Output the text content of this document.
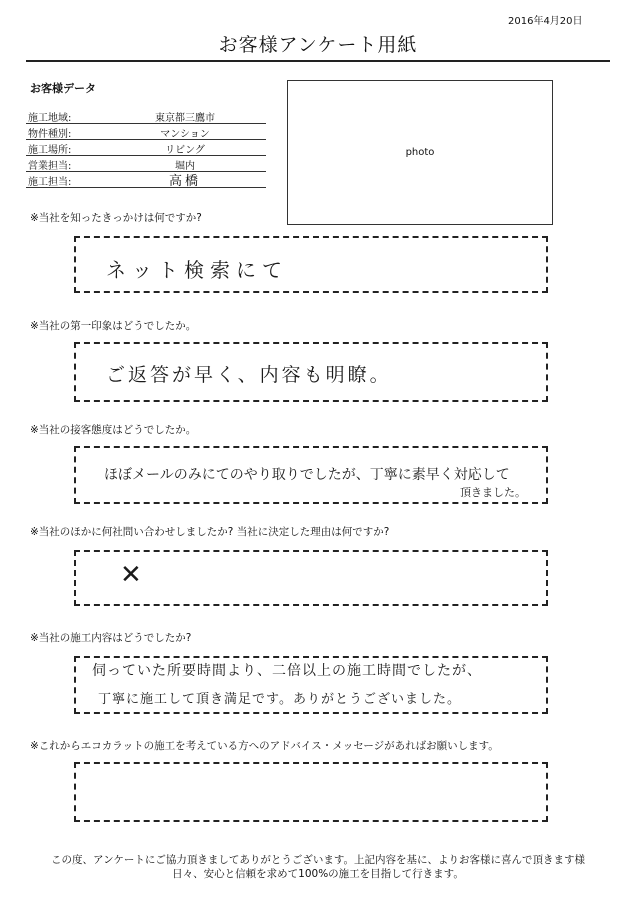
2016年4月20日
お客様アンケート用紙
お客様データ
施工地域:	東京都三鷹市
物件種別:	マンション
施工場所:	リビング
営業担当:	堀内
施工担当:	高橋
photo
※当社を知ったきっかけは何ですか?
ネット検索にて
※当社の第一印象はどうでしたか。
ご返答が早く、内容も明瞭。
※当社の接客態度はどうでしたか。
ほぼメールのみにてのやり取りでしたが、丁寧に素早く対応して
頂きました。
※当社のほかに何社問い合わせしましたか? 当社に決定した理由は何ですか?
✕
※当社の施工内容はどうでしたか?
伺っていた所要時間より、二倍以上の施工時間でしたが、
丁寧に施工して頂き満足です。ありがとうございました。
※これからエコカラットの施工を考えている方へのアドバイス・メッセージがあればお願いします。
この度、アンケートにご協力頂きましてありがとうございます。上記内容を基に、よりお客様に喜んで頂きます様
日々、安心と信頼を求めて100%の施工を目指して行きます。
